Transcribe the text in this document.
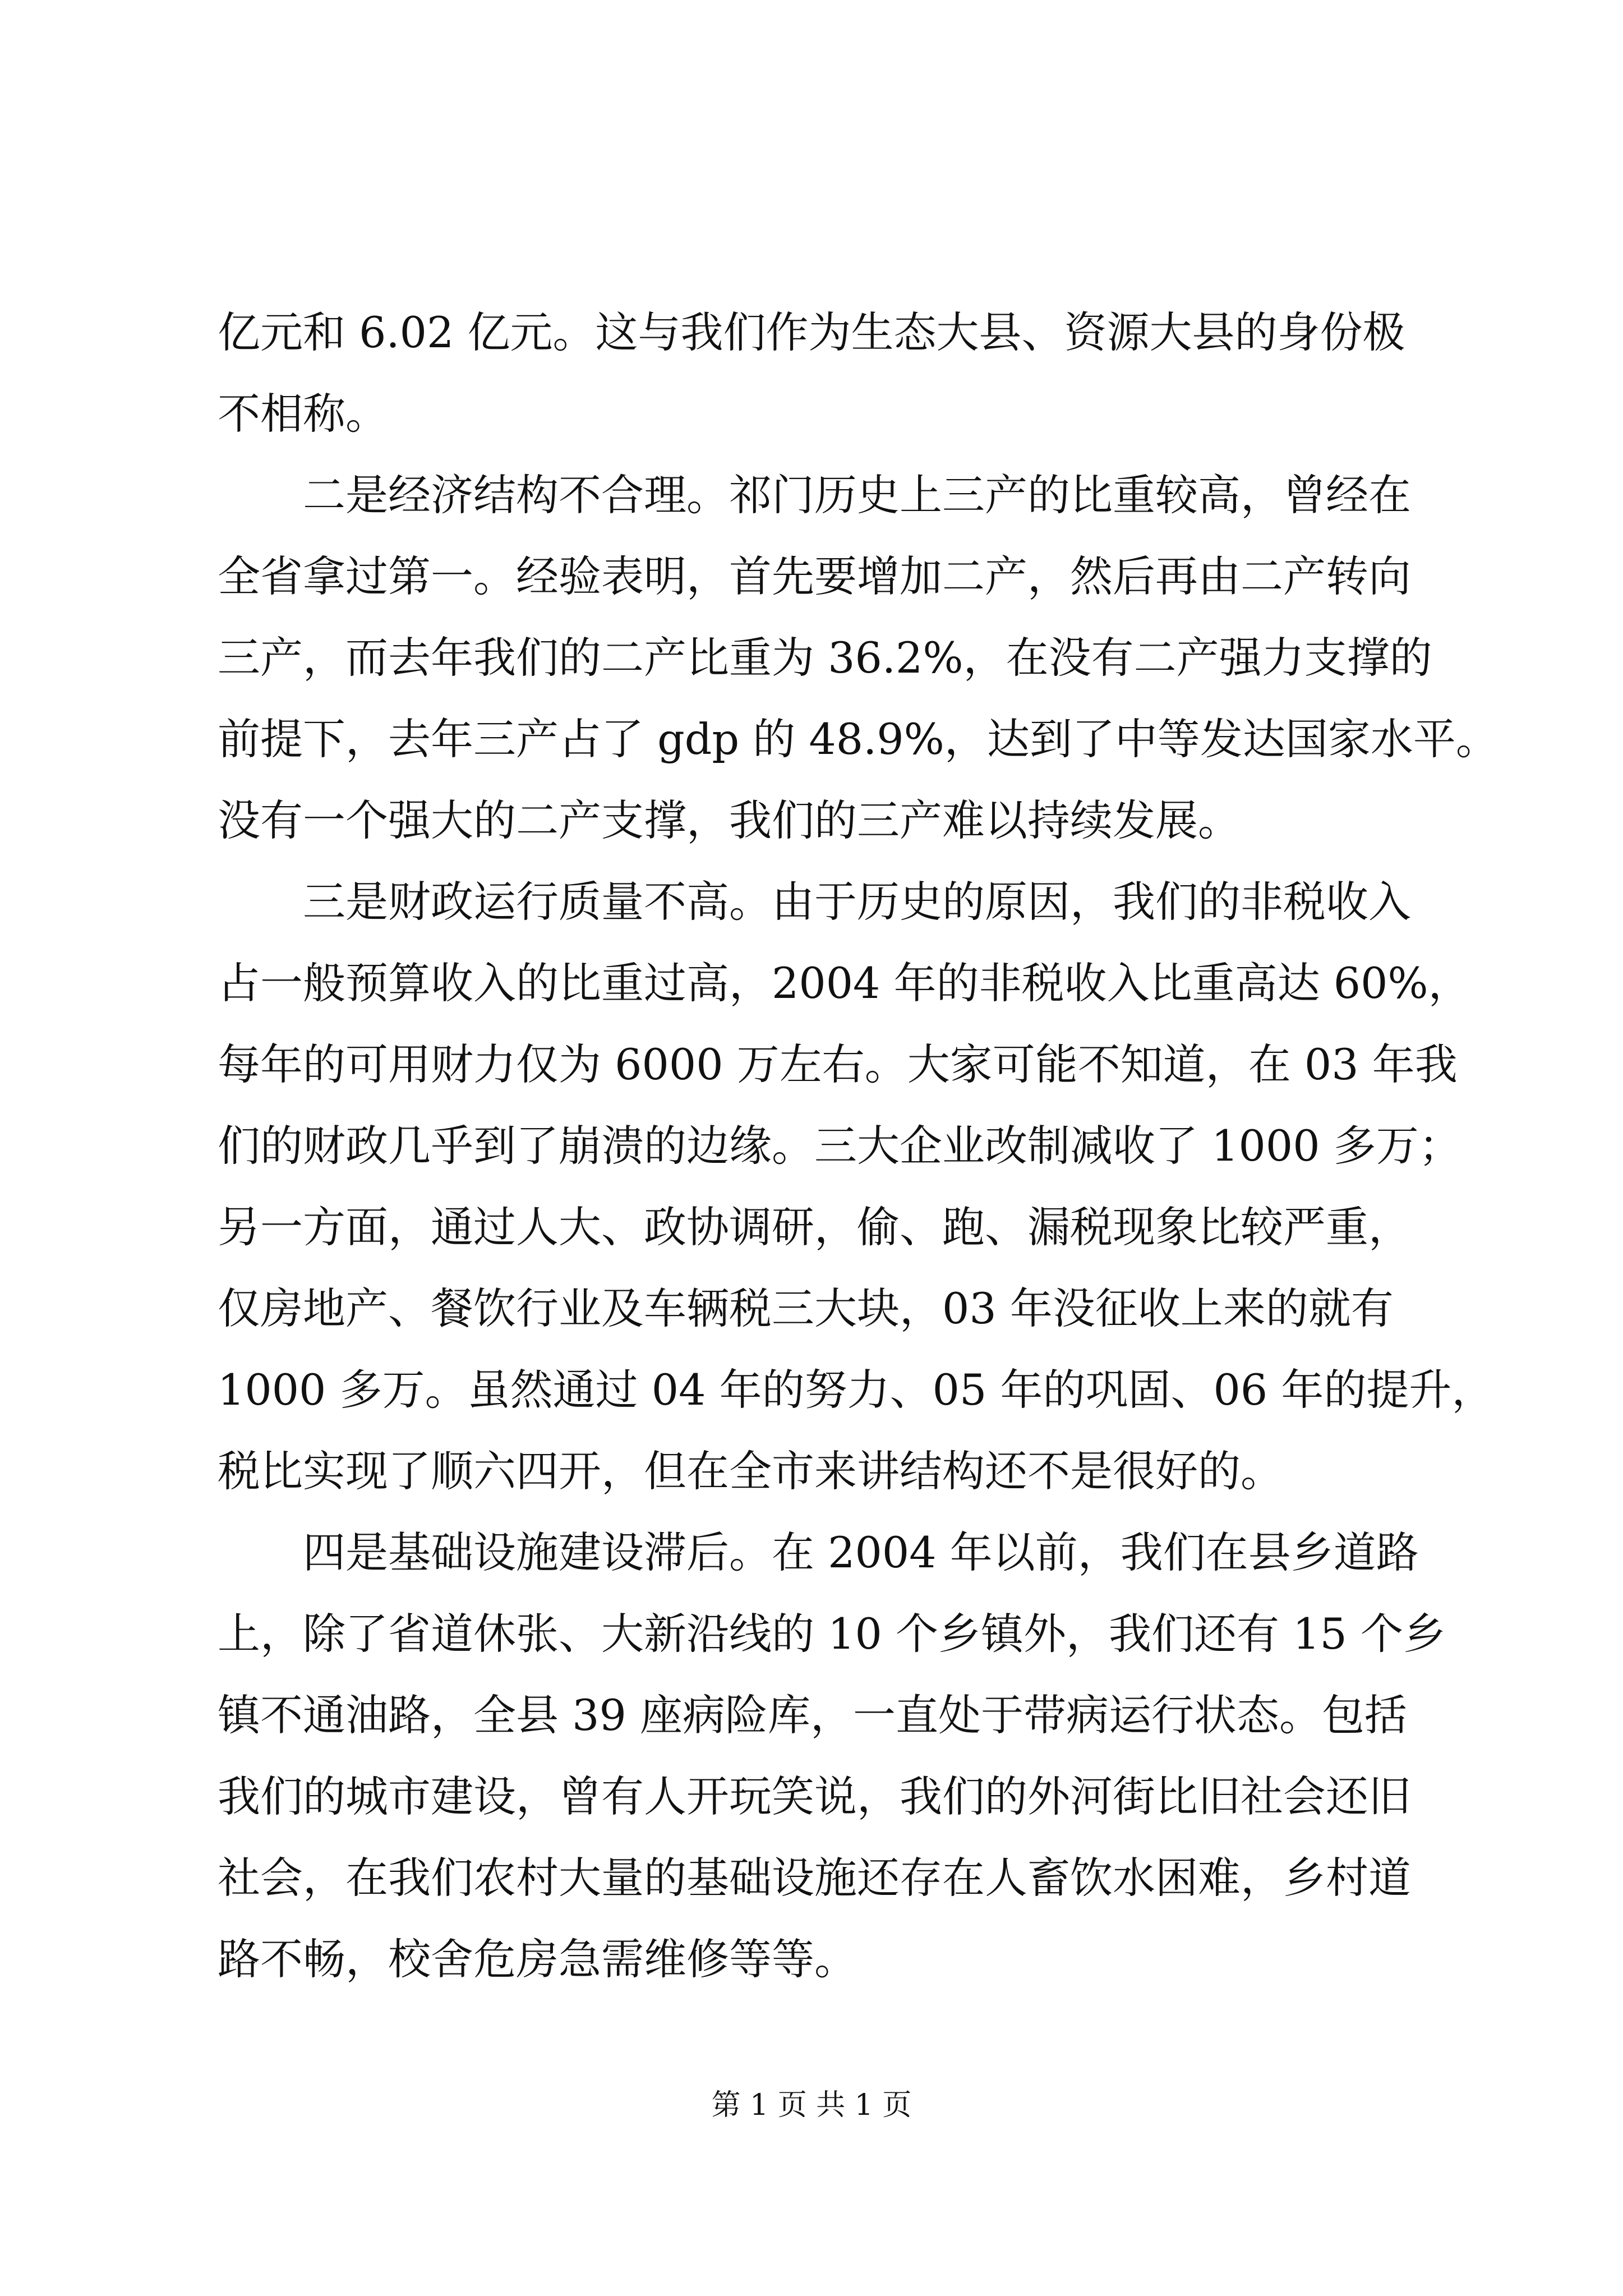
亿元和 6.02 亿元。这与我们作为生态大县、资源大县的身份极
不相称。
　　二是经济结构不合理。祁门历史上三产的比重较高，曾经在
全省拿过第一。经验表明，首先要增加二产，然后再由二产转向
三产，而去年我们的二产比重为 36.2%，在没有二产强力支撑的
前提下，去年三产占了 gdp 的 48.9%，达到了中等发达国家水平。
没有一个强大的二产支撑，我们的三产难以持续发展。
　　三是财政运行质量不高。由于历史的原因，我们的非税收入
占一般预算收入的比重过高，2004 年的非税收入比重高达 60%，
每年的可用财力仅为 6000 万左右。大家可能不知道，在 03 年我
们的财政几乎到了崩溃的边缘。三大企业改制减收了 1000 多万；
另一方面，通过人大、政协调研，偷、跑、漏税现象比较严重，
仅房地产、餐饮行业及车辆税三大块，03 年没征收上来的就有
1000 多万。虽然通过 04 年的努力、05 年的巩固、06 年的提升，
税比实现了顺六四开，但在全市来讲结构还不是很好的。
　　四是基础设施建设滞后。在 2004 年以前，我们在县乡道路
上，除了省道休张、大新沿线的 10 个乡镇外，我们还有 15 个乡
镇不通油路，全县 39 座病险库，一直处于带病运行状态。包括
我们的城市建设，曾有人开玩笑说，我们的外河街比旧社会还旧
社会，在我们农村大量的基础设施还存在人畜饮水困难，乡村道
路不畅，校舍危房急需维修等等。
第 1 页 共 1 页
